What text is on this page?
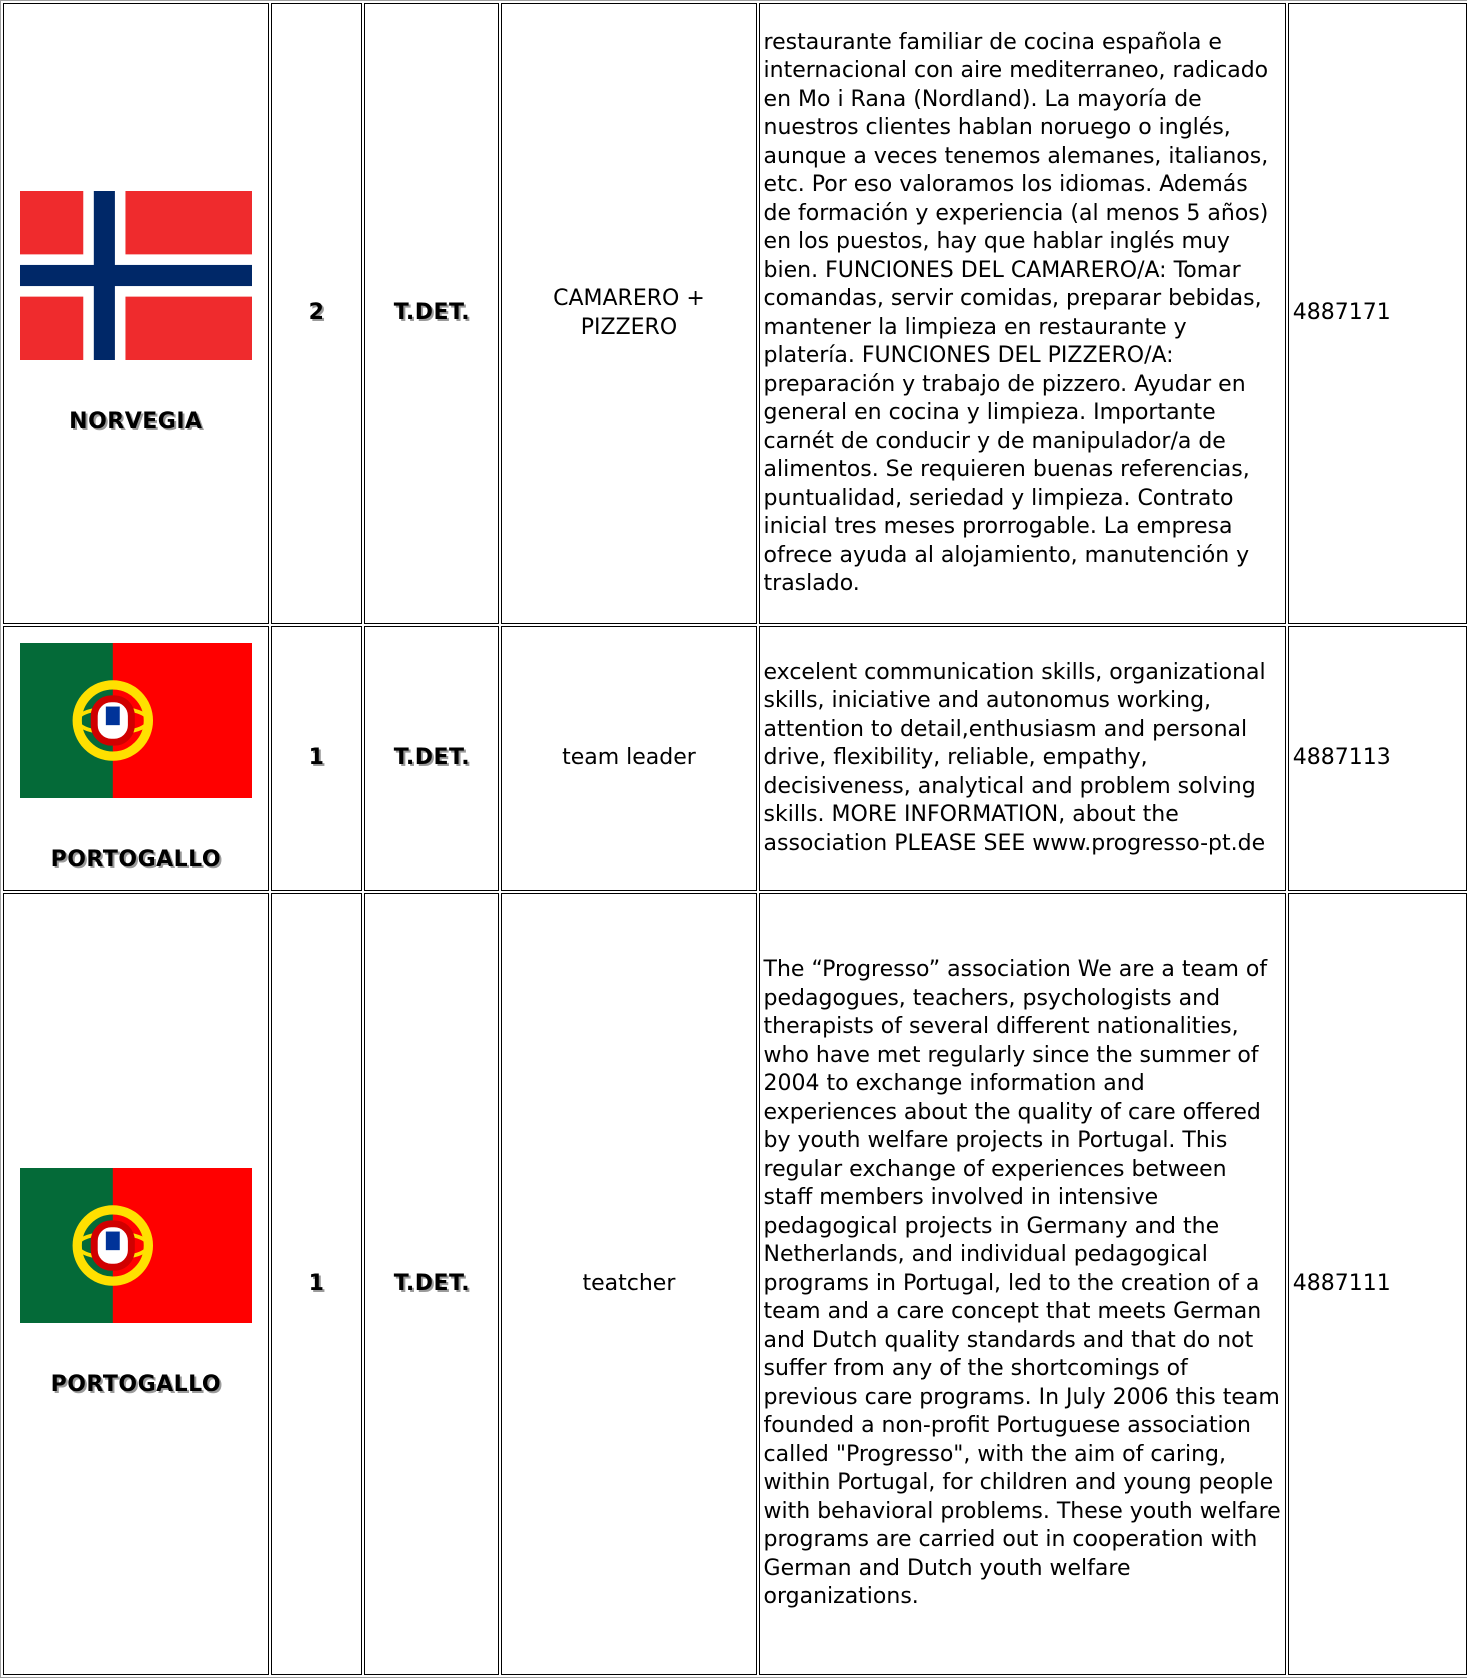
NORVEGIA	2	T.DET.	CAMARERO + PIZZERO	restaurante familiar de cocina española e internacional con aire mediterraneo, radicado en Mo i Rana (Nordland). La mayoría de nuestros clientes hablan noruego o inglés, aunque a veces tenemos alemanes, italianos, etc. Por eso valoramos los idiomas. Además de formación y experiencia (al menos 5 años) en los puestos, hay que hablar inglés muy bien. FUNCIONES DEL CAMARERO/A: Tomar comandas, servir comidas, preparar bebidas, mantener la limpieza en restaurante y platería. FUNCIONES DEL PIZZERO/A: preparación y trabajo de pizzero. Ayudar en general en cocina y limpieza. Importante carnét de conducir y de manipulador/a de alimentos. Se requieren buenas referencias, puntualidad, seriedad y limpieza. Contrato inicial tres meses prorrogable. La empresa ofrece ayuda al alojamiento, manutención y traslado.	4887171

PORTOGALLO	1	T.DET.	team leader	excelent communication skills, organizational skills, iniciative and autonomus working, attention to detail,enthusiasm and personal drive, flexibility, reliable, empathy, decisiveness, analytical and problem solving skills. MORE INFORMATION, about the association PLEASE SEE www.progresso-pt.de	4887113

PORTOGALLO	1	T.DET.	teatcher	The “Progresso” association We are a team of pedagogues, teachers, psychologists and therapists of several different nationalities, who have met regularly since the summer of 2004 to exchange information and experiences about the quality of care offered by youth welfare projects in Portugal. This regular exchange of experiences between staff members involved in intensive pedagogical projects in Germany and the Netherlands, and individual pedagogical programs in Portugal, led to the creation of a team and a care concept that meets German and Dutch quality standards and that do not suffer from any of the shortcomings of previous care programs. In July 2006 this team founded a non-profit Portuguese association called "Progresso", with the aim of caring, within Portugal, for children and young people with behavioral problems. These youth welfare programs are carried out in cooperation with German and Dutch youth welfare organizations.	4887111
